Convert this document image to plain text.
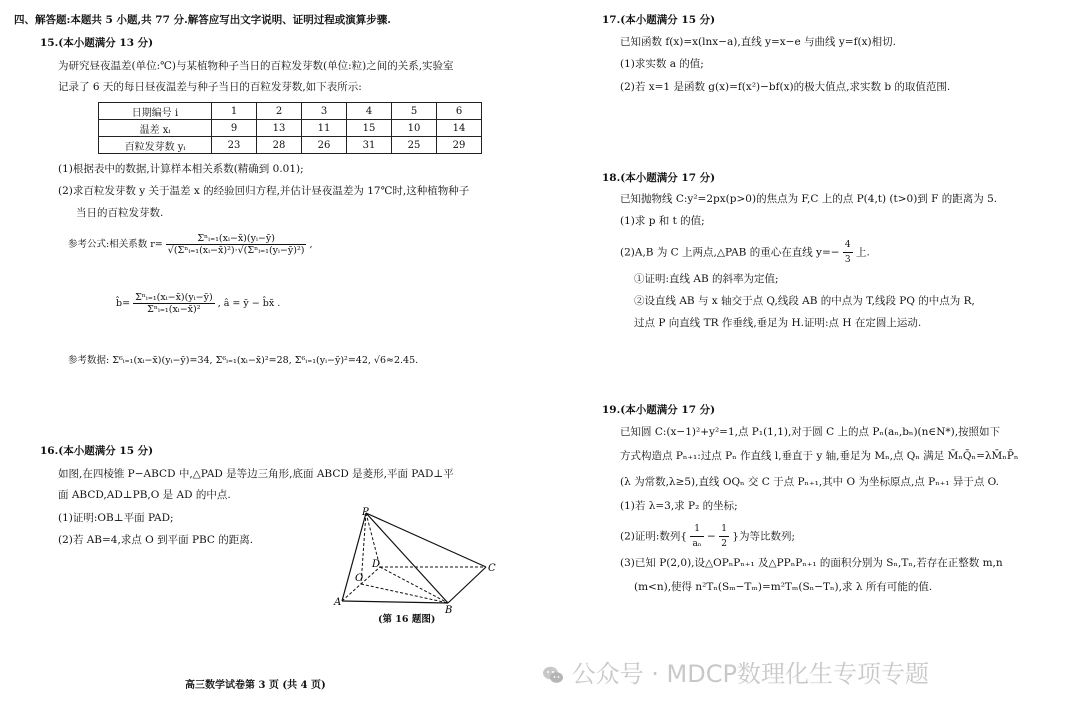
四、解答题:本题共 5 小题,共 77 分.解答应写出文字说明、证明过程或演算步骤.
15.(本小题满分 13 分)
为研究昼夜温差(单位:℃)与某植物种子当日的百粒发芽数(单位:粒)之间的关系,实验室
记录了 6 天的每日昼夜温差与种子当日的百粒发芽数,如下表所示:
日期编号 i	1	2	3	4	5	6
温差 xᵢ	9	13	11	15	10	14
百粒发芽数 yᵢ	23	28	26	31	25	29
(1)根据表中的数据,计算样本相关系数(精确到 0.01);
(2)求百粒发芽数 y 关于温差 x 的经验回归方程,并估计昼夜温差为 17℃时,这种植物种子
当日的百粒发芽数.
参考公式:相关系数 $r= \frac{\text{Σⁿᵢ₌₁(xᵢ−x̄)(yᵢ−ȳ)}}{\text{√(Σⁿᵢ₌₁(xᵢ−x̄)²)·√(Σⁿᵢ₌₁(yᵢ−ȳ)²)}}$ ,
b̂= $\frac{\text{Σⁿᵢ₌₁(xᵢ−x̄)(yᵢ−ȳ)}}{\text{Σⁿᵢ₌₁(xᵢ−x̄)²}}$ , â = ȳ − b̂x̄ .
参考数据: Σ⁶ᵢ₌₁(xᵢ−x̄)(yᵢ−ȳ)=34, Σ⁶ᵢ₌₁(xᵢ−x̄)²=28, Σ⁶ᵢ₌₁(yᵢ−ȳ)²=42, √6≈2.45.
16.(本小题满分 15 分)
如图,在四棱锥 P−ABCD 中,△PAD 是等边三角形,底面 ABCD 是菱形,平面 PAD⊥平
面 ABCD,AD⊥PB,O 是 AD 的中点.
(1)证明:OB⊥平面 PAD;
(2)若 AB=4,求点 O 到平面 PBC 的距离.
P
D	C
O
A
B
(第 16 题图)
高三数学试卷第 3 页 (共 4 页)
17.(本小题满分 15 分)
已知函数 f(x)=x(lnx−a),直线 y=x−e 与曲线 y=f(x)相切.
(1)求实数 a 的值;
(2)若 x=1 是函数 g(x)=f(x²)−bf(x)的极大值点,求实数 b 的取值范围.
18.(本小题满分 17 分)
已知抛物线 C:y²=2px(p>0)的焦点为 F,C 上的点 P(4,t) (t>0)到 F 的距离为 5.
(1)求 p 和 t 的值;
(2)A,B 为 C 上两点,△PAB 的重心在直线 $y=- \frac{4}{3}$ 上.
①证明:直线 AB 的斜率为定值;
②设直线 AB 与 x 轴交于点 Q,线段 AB 的中点为 T,线段 PQ 的中点为 R,
过点 P 向直线 TR 作垂线,垂足为 H.证明:点 H 在定圆上运动.
19.(本小题满分 17 分)
已知圆 C:(x−1)²+y²=1,点 P₁(1,1),对于圆 C 上的点 Pₙ(aₙ,bₙ)(n∈N*),按照如下
方式构造点 Pₙ₊₁:过点 Pₙ 作直线 l,垂直于 y 轴,垂足为 Mₙ,点 Qₙ 满足 M̄ₙQ̄ₙ=λM̄ₙP̄ₙ
(λ 为常数,λ≥5),直线 OQₙ 交 C 于点 Pₙ₊₁,其中 O 为坐标原点,点 Pₙ₊₁ 异于点 O.
(1)若 λ=3,求 P₂ 的坐标;
(2)证明:数列{ $\frac{1}{\text{aₙ}} - \frac{1}{2}$ }为等比数列;
(3)已知 P(2,0),设△OPₙPₙ₊₁ 及△PPₙPₙ₊₁ 的面积分别为 Sₙ,Tₙ,若存在正整数 m,n
(m<n),使得 n²Tₙ(Sₘ−Tₘ)=m²Tₘ(Sₙ−Tₙ),求 λ 所有可能的值.
公众号 · MDCP数理化生专项专题
